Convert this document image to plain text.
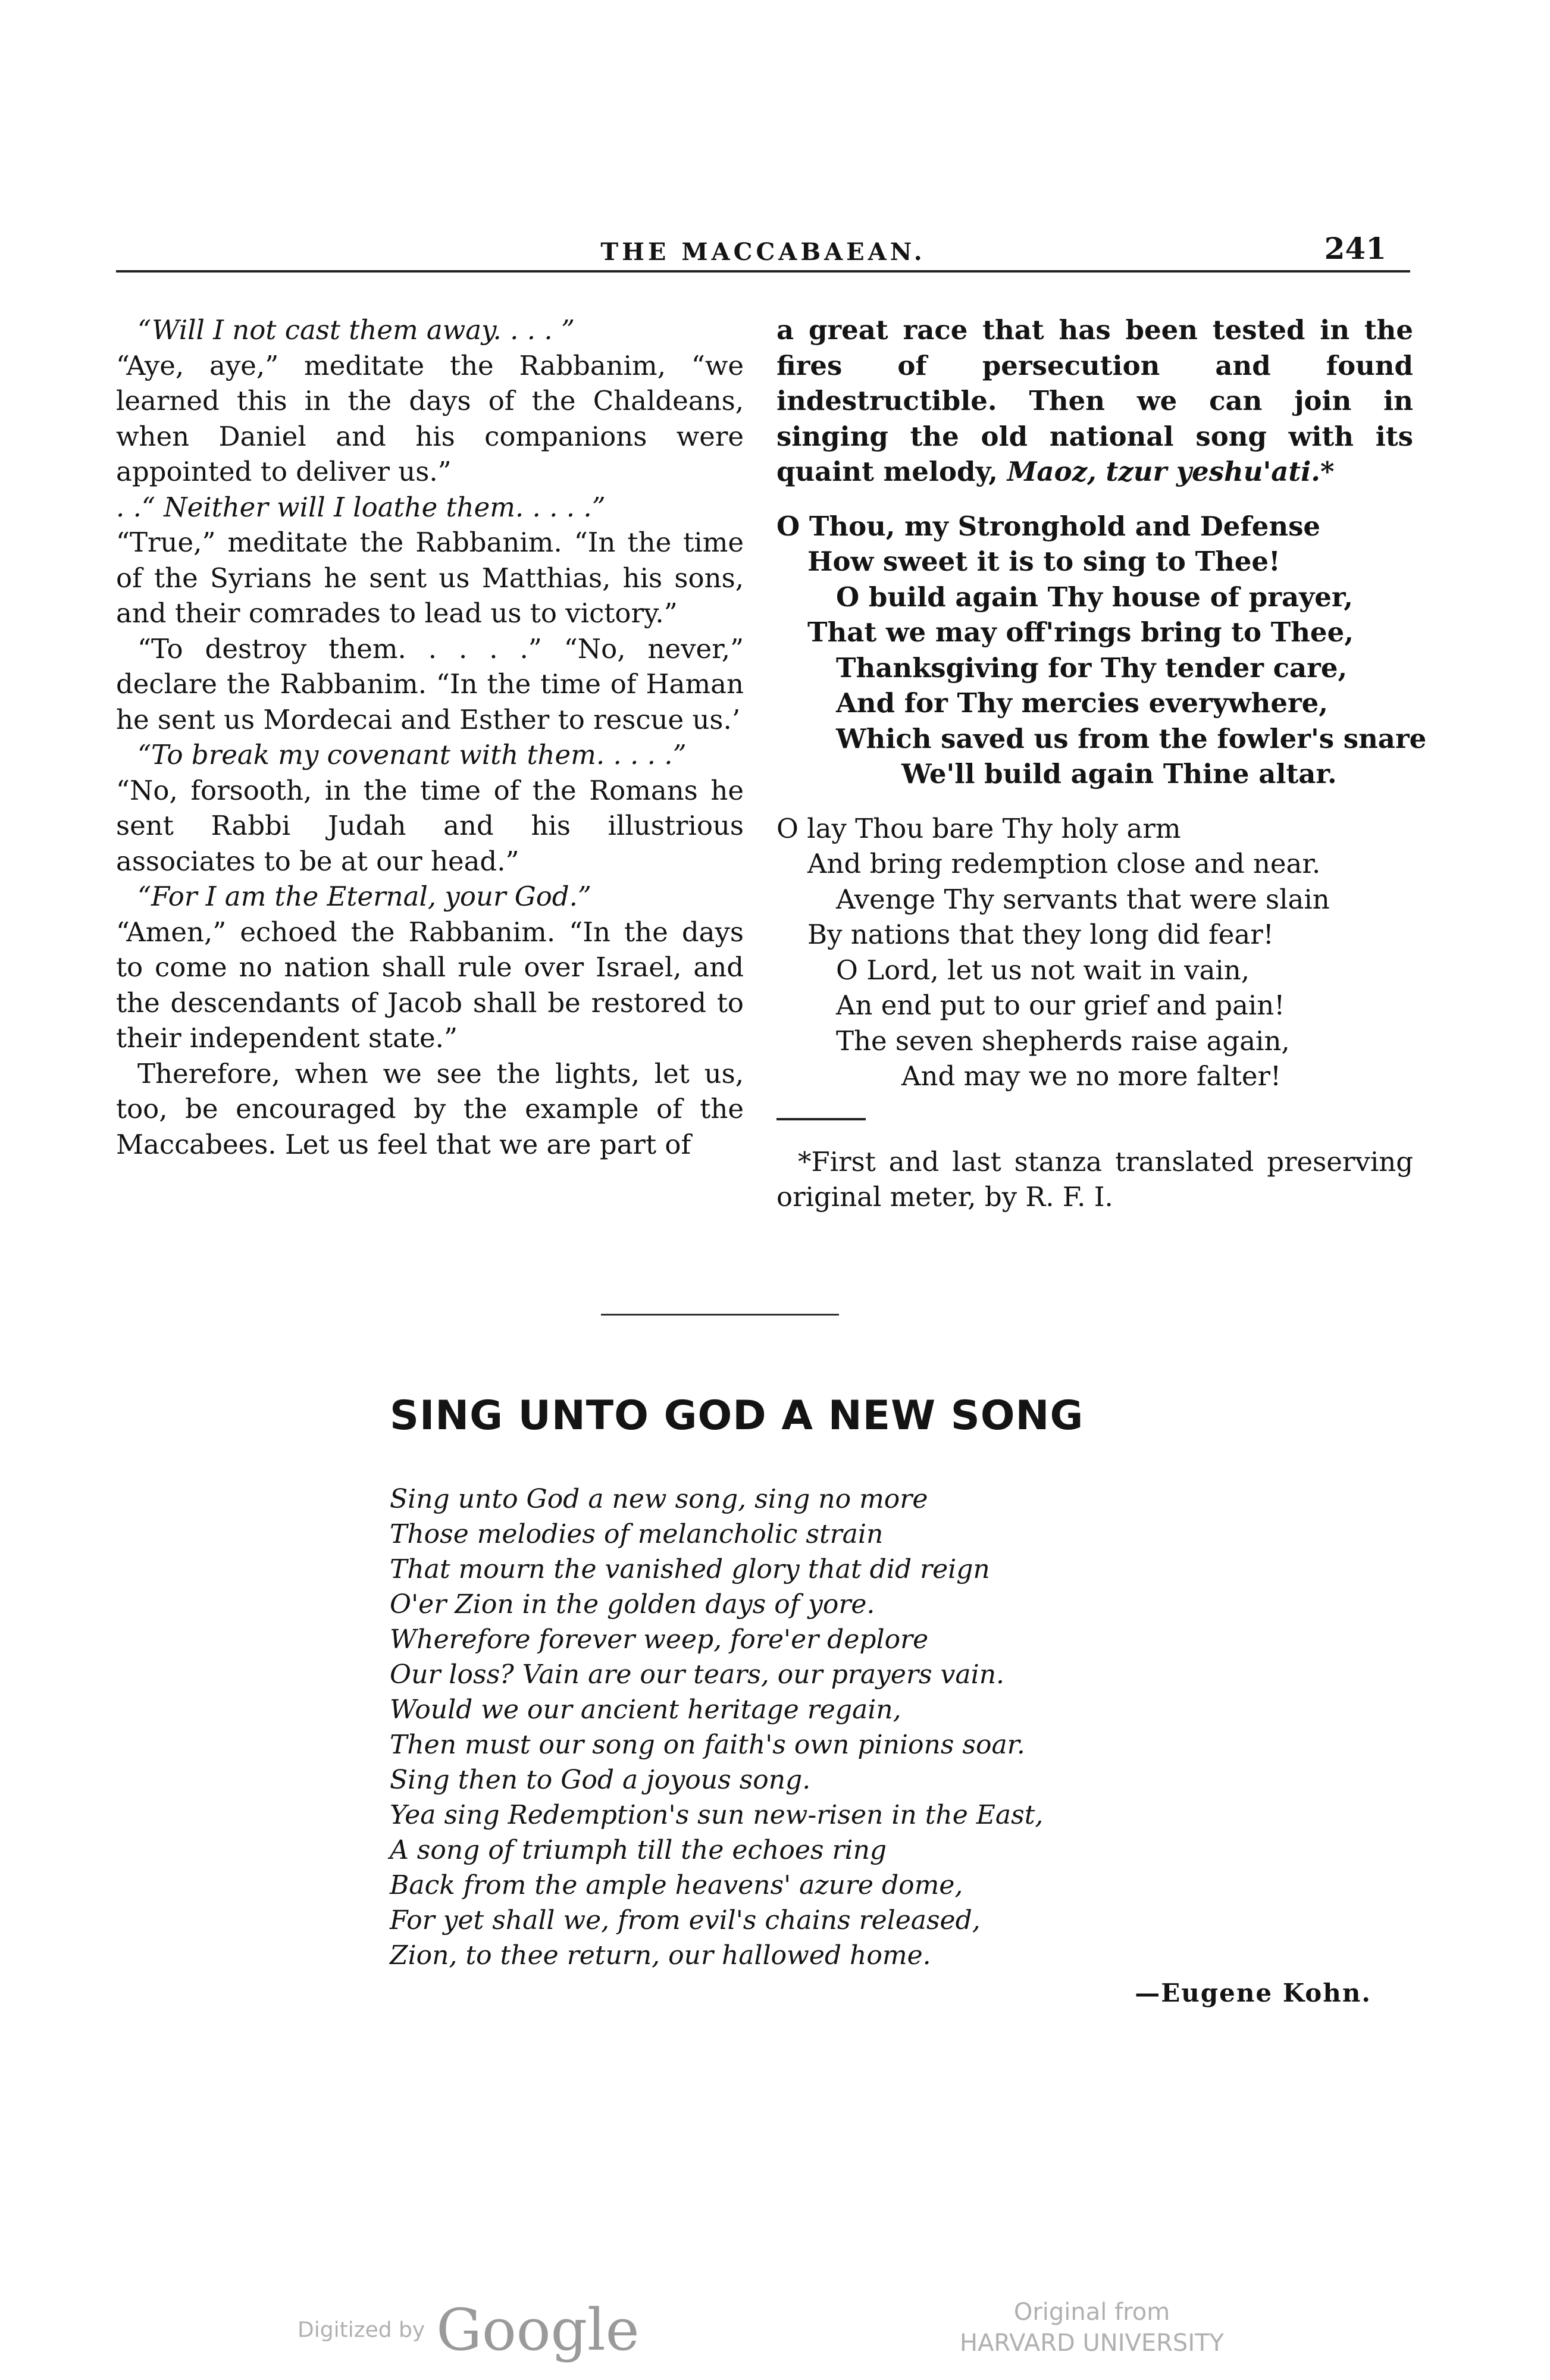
THE MACCABAEAN.	241

“Will I not cast them away. . . . ”

“Aye, aye,” meditate the Rabbanim, “we learned this in the days of the Chaldeans, when Daniel and his companions were appointed to deliver us.”

. .“ Neither will I loathe them. . . . .”

“True,” meditate the Rabbanim. “In the time of the Syrians he sent us Matthias, his sons, and their comrades to lead us to victory.”

“To destroy them. . . . .” “No, never,” declare the Rabbanim. “In the time of Haman he sent us Mordecai and Esther to rescue us.’

“To break my covenant with them. . . . .”

“No, forsooth, in the time of the Romans he sent Rabbi Judah and his illustrious associates to be at our head.”

“For I am the Eternal, your God.”

“Amen,” echoed the Rabbanim. “In the days to come no nation shall rule over Israel, and the descendants of Jacob shall be restored to their independent state.”

Therefore, when we see the lights, let us, too, be encouraged by the example of the Maccabees. Let us feel that we are part of

a great race that has been tested in the fires of persecution and found indestructible. Then we can join in singing the old national song with its quaint melody, Maoz, tzur yeshu'ati.*

O Thou, my Stronghold and Defense
How sweet it is to sing to Thee!
O build again Thy house of prayer,
That we may off'rings bring to Thee,
Thanksgiving for Thy tender care,
And for Thy mercies everywhere,
Which saved us from the fowler's snare
We'll build again Thine altar.
O lay Thou bare Thy holy arm
And bring redemption close and near.
Avenge Thy servants that were slain
By nations that they long did fear!
O Lord, let us not wait in vain,
An end put to our grief and pain!
The seven shepherds raise again,
And may we no more falter!

*First and last stanza translated preserving original meter, by R. F. I.

SING UNTO GOD A NEW SONG
Sing unto God a new song, sing no more
Those melodies of melancholic strain
That mourn the vanished glory that did reign
O'er Zion in the golden days of yore.
Wherefore forever weep, fore'er deplore
Our loss? Vain are our tears, our prayers vain.
Would we our ancient heritage regain,
Then must our song on faith's own pinions soar.
Sing then to God a joyous song.
Yea sing Redemption's sun new-risen in the East,
A song of triumph till the echoes ring
Back from the ample heavens' azure dome,
For yet shall we, from evil's chains released,
Zion, to thee return, our hallowed home.
—Eugene Kohn.
Digitized by Google	Original from
HARVARD UNIVERSITY
